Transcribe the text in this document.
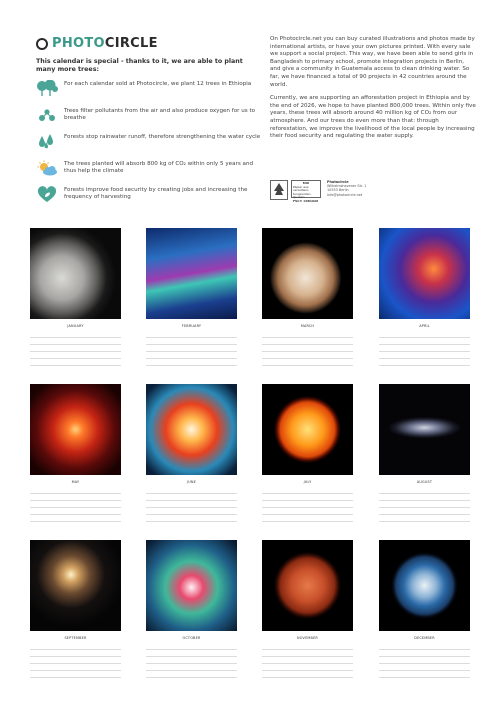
PHOTO CIRCLE
This calendar is special - thanks to it, we are able to plant many more trees:
For each calendar sold at Photocircle, we plant 12 trees in Ethiopia
Trees filter pollutants from the air and also produce oxygen for us to breathe
Forests stop rainwater runoff, therefore strengthening the water cycle
The trees planted will absorb 800 kg of CO₂ within only 5 years and thus help the climate
Forests improve food security by creating jobs and increasing the frequency of harvesting

On Photocircle.net you can buy curated illustrations and photos made by international artists, or have your own pictures printed. With every sale we support a social project. This way, we have been able to send girls in Bangladesh to primary school, promote integration projects in Berlin, and give a community in Guatemala access to clean drinking water. So far, we have financed a total of 90 projects in 42 countries around the world.

Currently, we are supporting an afforestation project in Ethiopia and by the end of 2026, we hope to have planted 800,000 trees. Within only five years, these trees will absorb around 40 million kg of CO₂ from our atmosphere. And our trees do even more than that: through reforestation, we improve the livelihood of the local people by increasing their food security and regulating the water supply.

MIX
Papier aus verantwor-
tungsvollen Quellen
FSC® C081926
Photocircle
Wilhelmshavener Str. 1
10553 Berlin
info@photocircle.net
JANUARY	FEBRUARY	MARCH	APRIL
MAY	JUNE	JULY	AUGUST
SEPTEMBER	OCTOBER	NOVEMBER	DECEMBER
